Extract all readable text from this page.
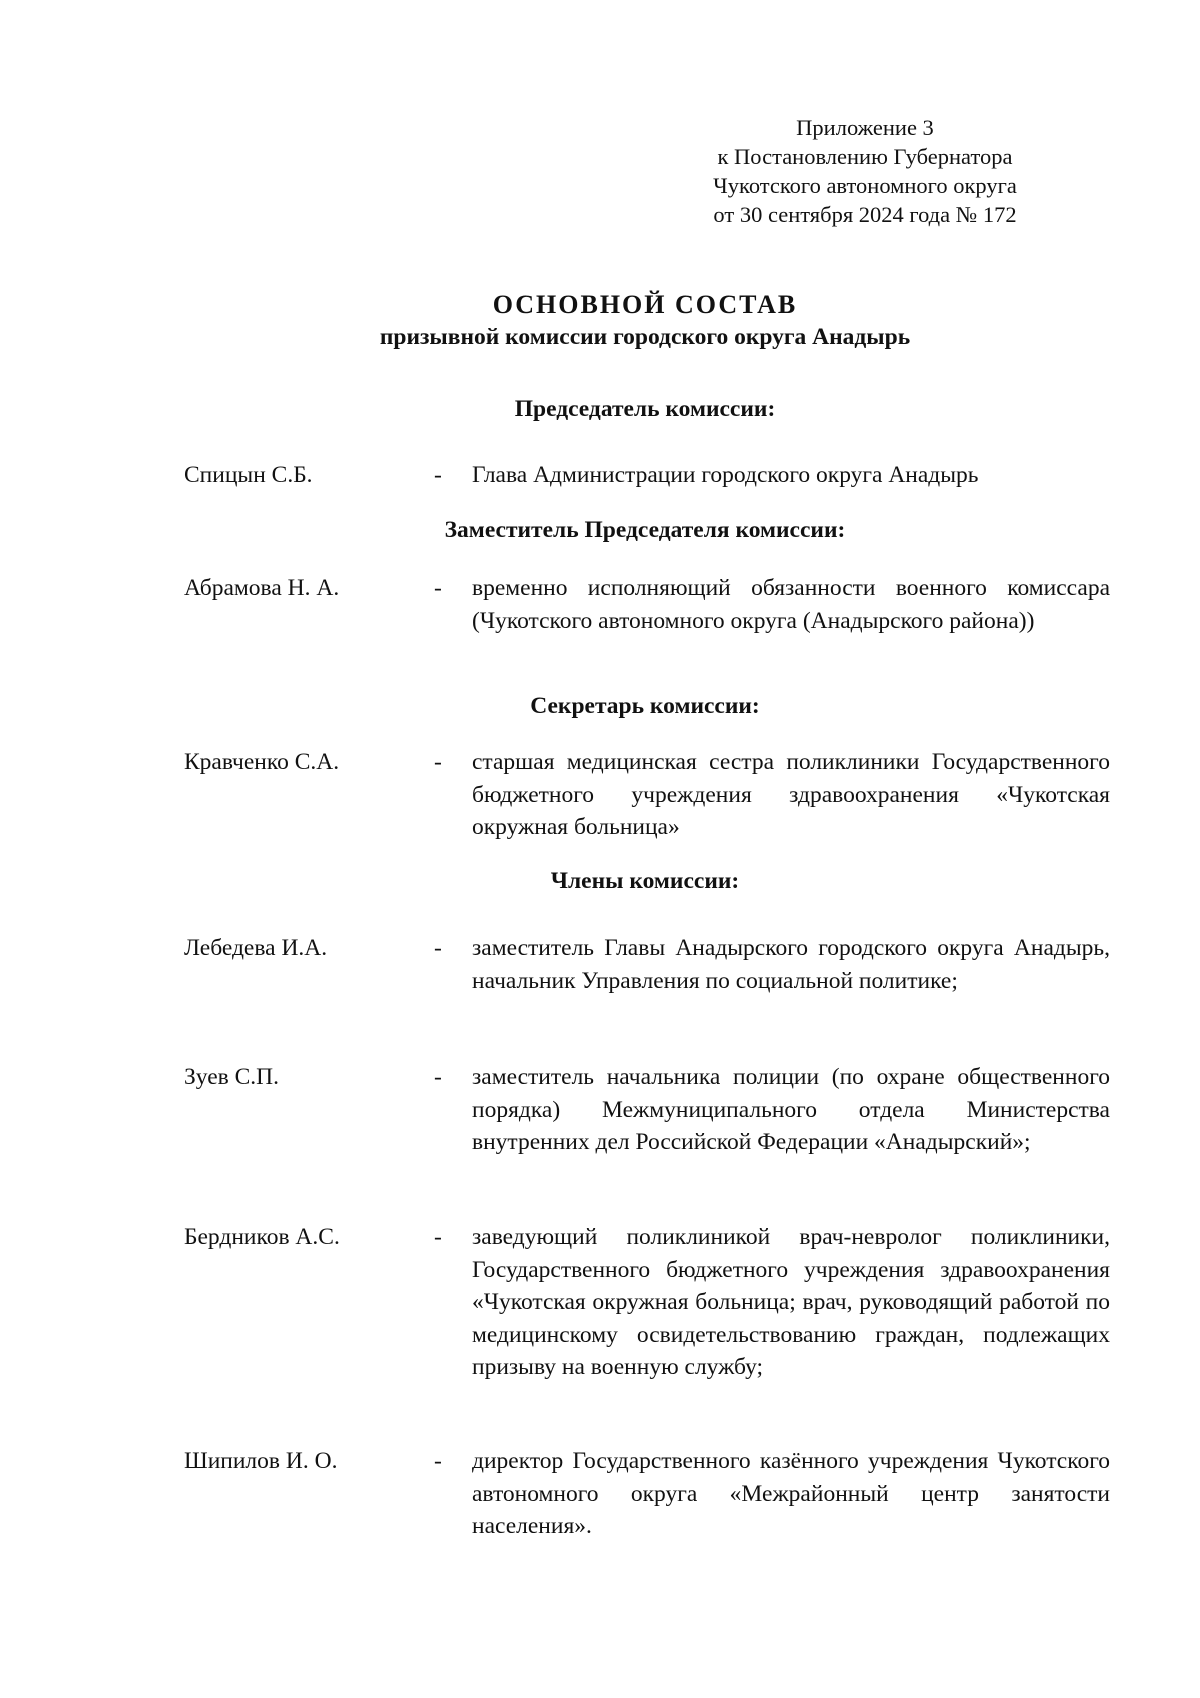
Приложение 3
к Постановлению Губернатора
Чукотского автономного округа
от 30 сентября 2024 года № 172
ОСНОВНОЙ СОСТАВ
призывной комиссии городского округа Анадырь
Председатель комиссии:
Спицын С.Б.	- Глава Администрации городского округа Анадырь
Заместитель Председателя комиссии:
Абрамова Н. А.	- временно исполняющий обязанности военного комиссара (Чукотского автономного округа (Анадырского района))
Секретарь комиссии:
Кравченко С.А.	- старшая медицинская сестра поликлиники Государственного бюджетного учреждения здравоохранения «Чукотская окружная больница»
Члены комиссии:
Лебедева И.А.	- заместитель Главы Анадырского городского округа Анадырь, начальник Управления по социальной политике;
Зуев С.П.	- заместитель начальника полиции (по охране общественного порядка) Межмуниципального отдела Министерства внутренних дел Российской Федерации «Анадырский»;
Бердников А.С.	- заведующий поликлиникой врач-невролог поликлиники, Государственного бюджетного учреждения здравоохранения «Чукотская окружная больница; врач, руководящий работой по медицинскому освидетельствованию граждан, подлежащих призыву на военную службу;
Шипилов И. О.	- директор Государственного казённого учреждения Чукотского автономного округа «Межрайонный центр занятости населения».
